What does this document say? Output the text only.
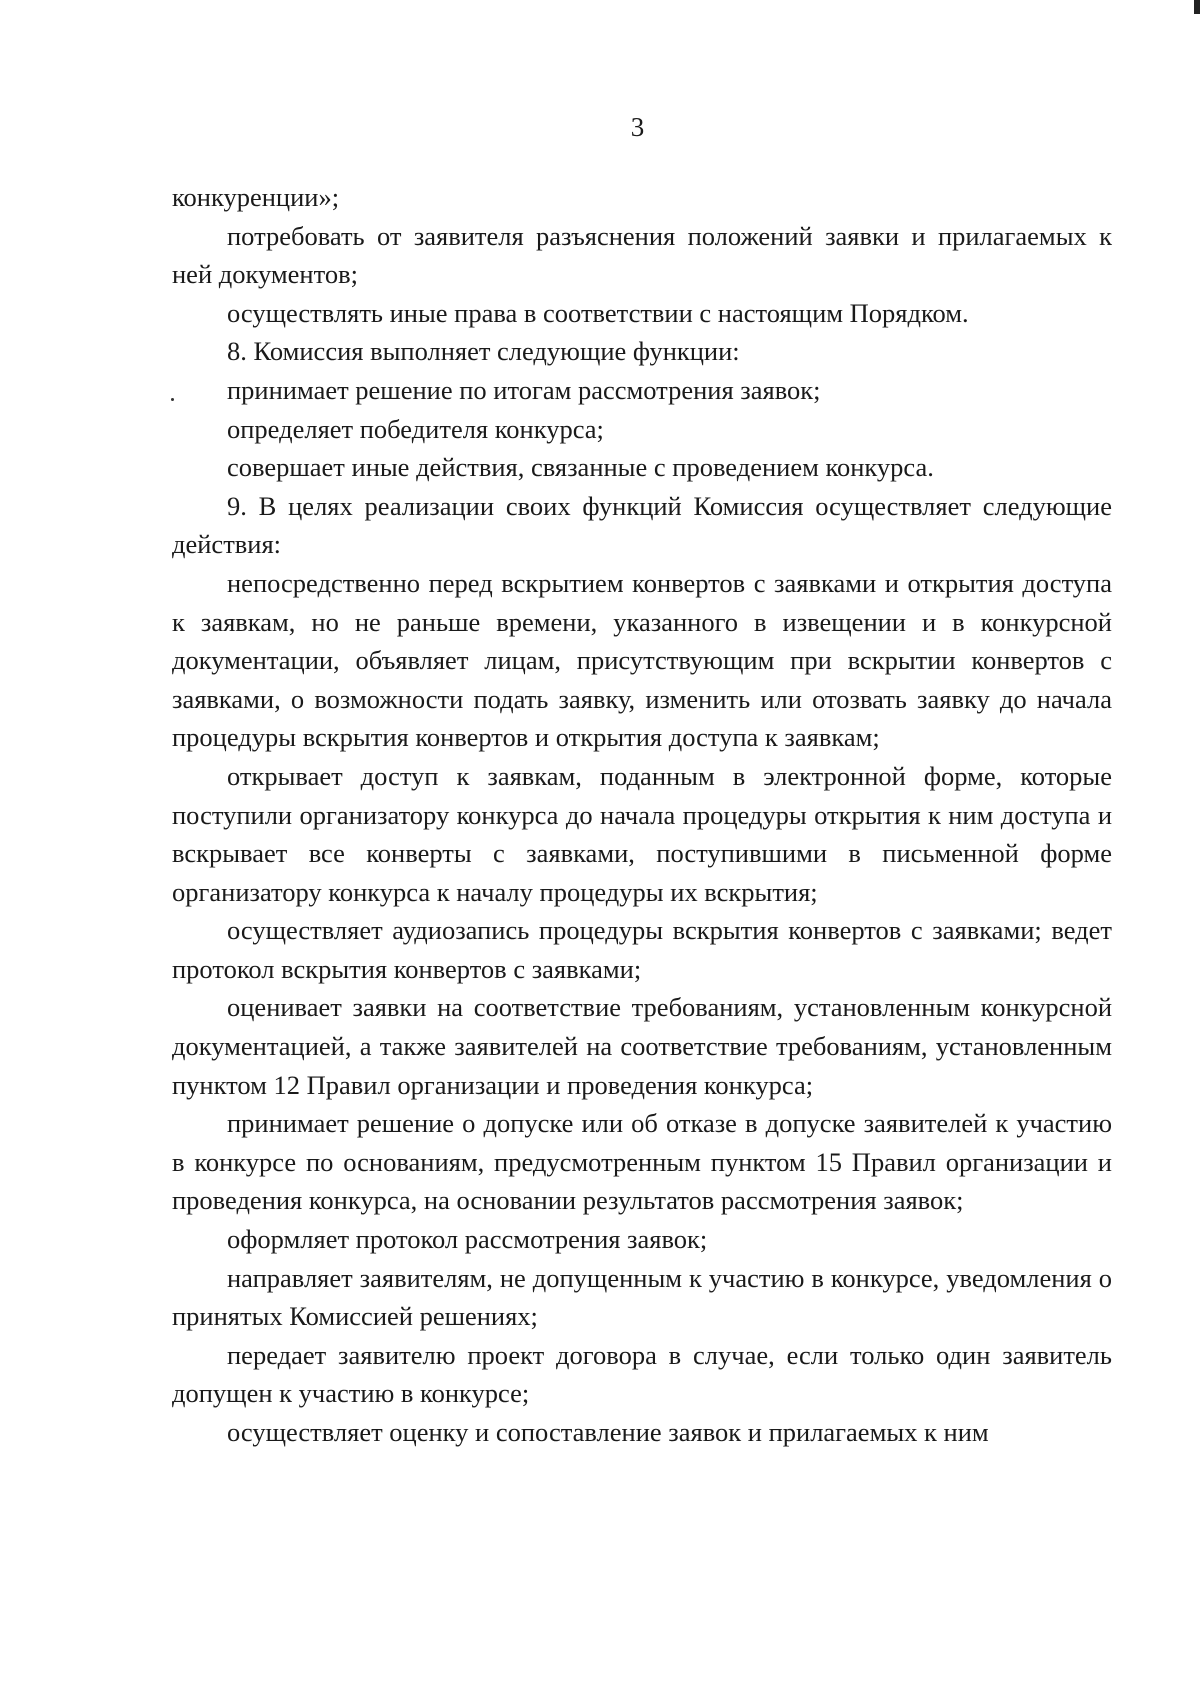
3

конкуренции»;

потребовать от заявителя разъяснения положений заявки и прилагаемых к ней документов;

осуществлять иные права в соответствии с настоящим Порядком.

8. Комиссия выполняет следующие функции:

принимает решение по итогам рассмотрения заявок;

определяет победителя конкурса;

совершает иные действия, связанные с проведением конкурса.

9. В целях реализации своих функций Комиссия осуществляет следующие действия:

непосредственно перед вскрытием конвертов с заявками и открытия доступа к заявкам, но не раньше времени, указанного в извещении и в конкурсной документации, объявляет лицам, присутствующим при вскрытии конвертов с заявками, о возможности подать заявку, изменить или отозвать заявку до начала процедуры вскрытия конвертов и открытия доступа к заявкам;

открывает доступ к заявкам, поданным в электронной форме, которые поступили организатору конкурса до начала процедуры открытия к ним доступа и вскрывает все конверты с заявками, поступившими в письменной форме организатору конкурса к началу процедуры их вскрытия;

осуществляет аудиозапись процедуры вскрытия конвертов с заявками; ведет протокол вскрытия конвертов с заявками;

оценивает заявки на соответствие требованиям, установленным конкурсной документацией, а также заявителей на соответствие требованиям, установленным пунктом 12 Правил организации и проведения конкурса;

принимает решение о допуске или об отказе в допуске заявителей к участию в конкурсе по основаниям, предусмотренным пунктом 15 Правил организации и проведения конкурса, на основании результатов рассмотрения заявок;

оформляет протокол рассмотрения заявок;

направляет заявителям, не допущенным к участию в конкурсе, уведомления о принятых Комиссией решениях;

передает заявителю проект договора в случае, если только один заявитель допущен к участию в конкурсе;

осуществляет оценку и сопоставление заявок и прилагаемых к ним
